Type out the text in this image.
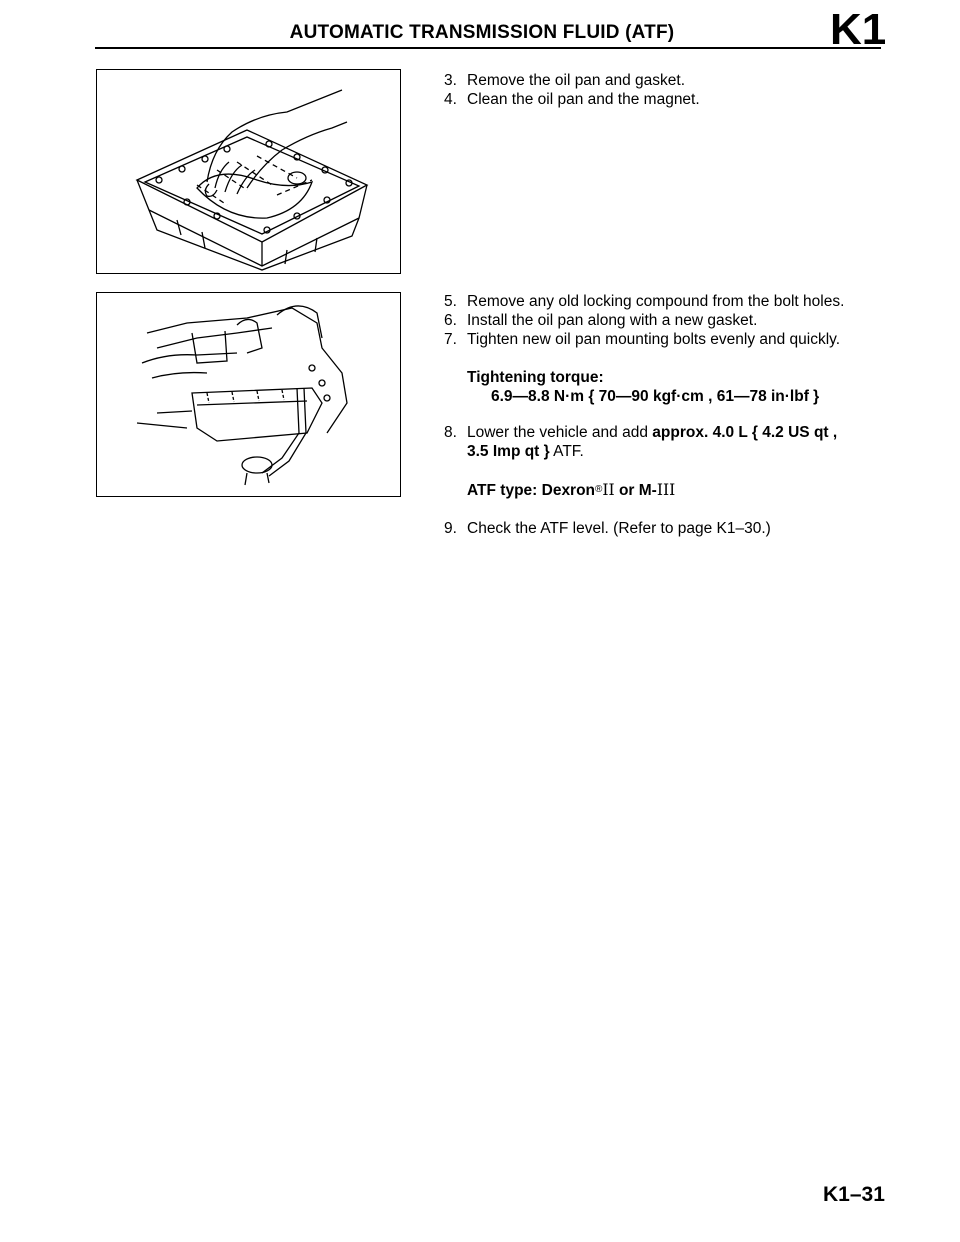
AUTOMATIC TRANSMISSION FLUID (ATF)	K1
3. Remove the oil pan and gasket.
4. Clean the oil pan and the magnet.
5. Remove any old locking compound from the bolt holes.
6. Install the oil pan along with a new gasket.
7. Tighten new oil pan mounting bolts evenly and quickly.
Tightening torque:
6.9—8.8 N·m { 70—90 kgf·cm , 61—78 in·lbf }
8. Lower the vehicle and add approx. 4.0 L { 4.2 US qt ,
3.5 Imp qt } ATF.
ATF type: Dexron®II or M-III
9. Check the ATF level. (Refer to page K1–30.)
K1–31
